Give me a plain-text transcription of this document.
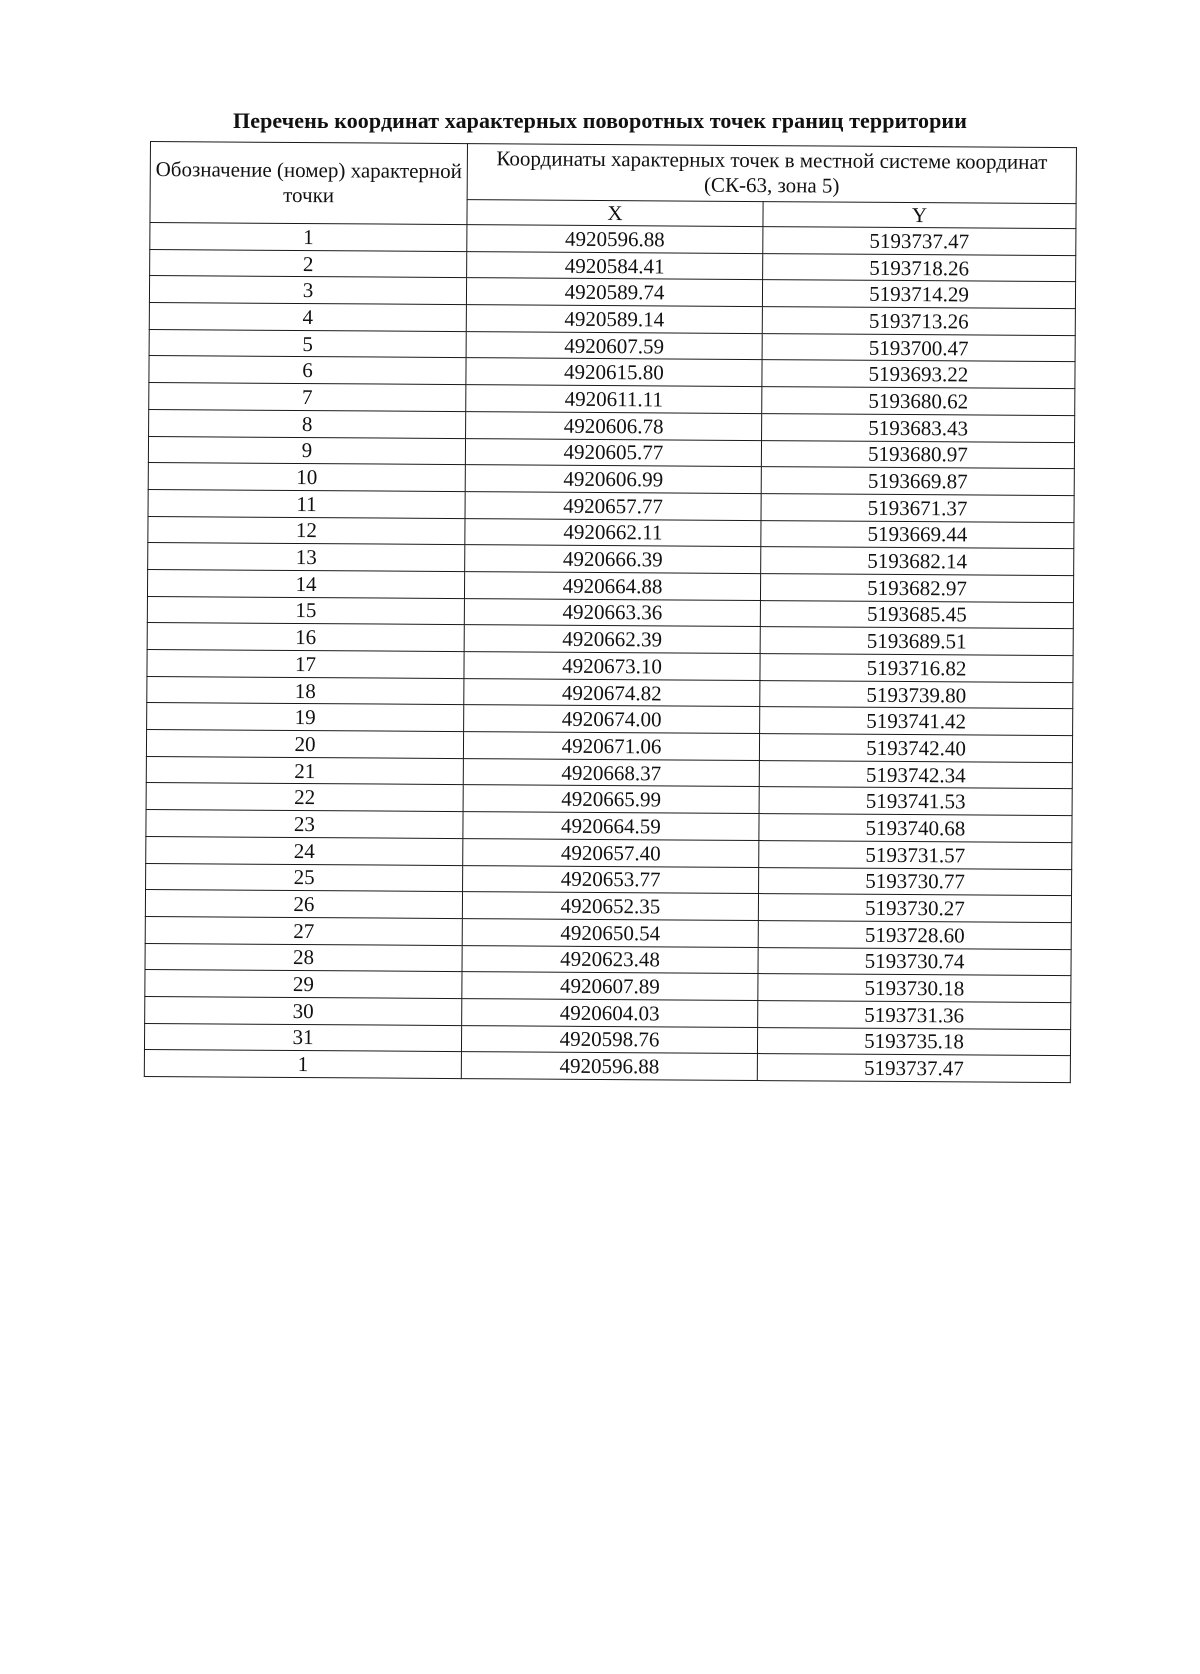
Перечень координат характерных поворотных точек границ территории
Обозначение (номер) характерной точки	Координаты характерных точек в местной системе координат (СК-63, зона 5)	
	X	Y
1	4920596.88	5193737.47
2	4920584.41	5193718.26
3	4920589.74	5193714.29
4	4920589.14	5193713.26
5	4920607.59	5193700.47
6	4920615.80	5193693.22
7	4920611.11	5193680.62
8	4920606.78	5193683.43
9	4920605.77	5193680.97
10	4920606.99	5193669.87
11	4920657.77	5193671.37
12	4920662.11	5193669.44
13	4920666.39	5193682.14
14	4920664.88	5193682.97
15	4920663.36	5193685.45
16	4920662.39	5193689.51
17	4920673.10	5193716.82
18	4920674.82	5193739.80
19	4920674.00	5193741.42
20	4920671.06	5193742.40
21	4920668.37	5193742.34
22	4920665.99	5193741.53
23	4920664.59	5193740.68
24	4920657.40	5193731.57
25	4920653.77	5193730.77
26	4920652.35	5193730.27
27	4920650.54	5193728.60
28	4920623.48	5193730.74
29	4920607.89	5193730.18
30	4920604.03	5193731.36
31	4920598.76	5193735.18
1	4920596.88	5193737.47
